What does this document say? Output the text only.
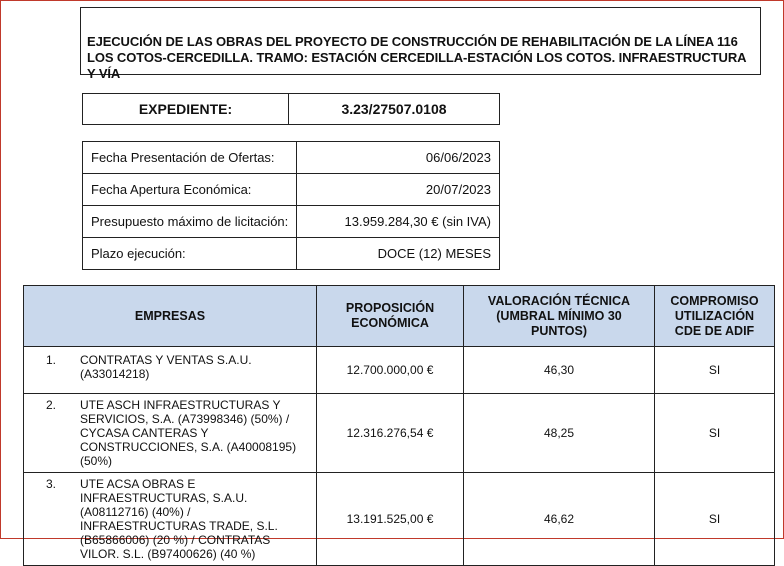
EJECUCIÓN DE LAS OBRAS DEL PROYECTO DE CONSTRUCCIÓN DE REHABILITACIÓN DE LA LÍNEA 116 LOS COTOS-CERCEDILLA. TRAMO: ESTACIÓN CERCEDILLA-ESTACIÓN LOS COTOS. INFRAESTRUCTURA Y VÍA
EXPEDIENTE:	3.23/27507.0108
Fecha Presentación de Ofertas:	06/06/2023
Fecha Apertura Económica:	20/07/2023
Presupuesto máximo de licitación:	13.959.284,30 € (sin IVA)
Plazo ejecución:	DOCE (12) MESES
EMPRESAS	PROPOSICIÓN ECONÓMICA	VALORACIÓN TÉCNICA (UMBRAL MÍNIMO 30 PUNTOS)	COMPROMISO UTILIZACIÓN CDE DE ADIF
1. CONTRATAS Y VENTAS S.A.U. (A33014218)	12.700.000,00 €	46,30	SI
2. UTE ASCH INFRAESTRUCTURAS Y SERVICIOS, S.A. (A73998346) (50%) / CYCASA CANTERAS Y CONSTRUCCIONES, S.A. (A40008195) (50%)	12.316.276,54 €	48,25	SI
3. UTE ACSA OBRAS E INFRAESTRUCTURAS, S.A.U. (A08112716) (40%) / INFRAESTRUCTURAS TRADE, S.L. (B65866006) (20 %) / CONTRATAS VILOR. S.L. (B97400626) (40 %)	13.191.525,00 €	46,62	SI
